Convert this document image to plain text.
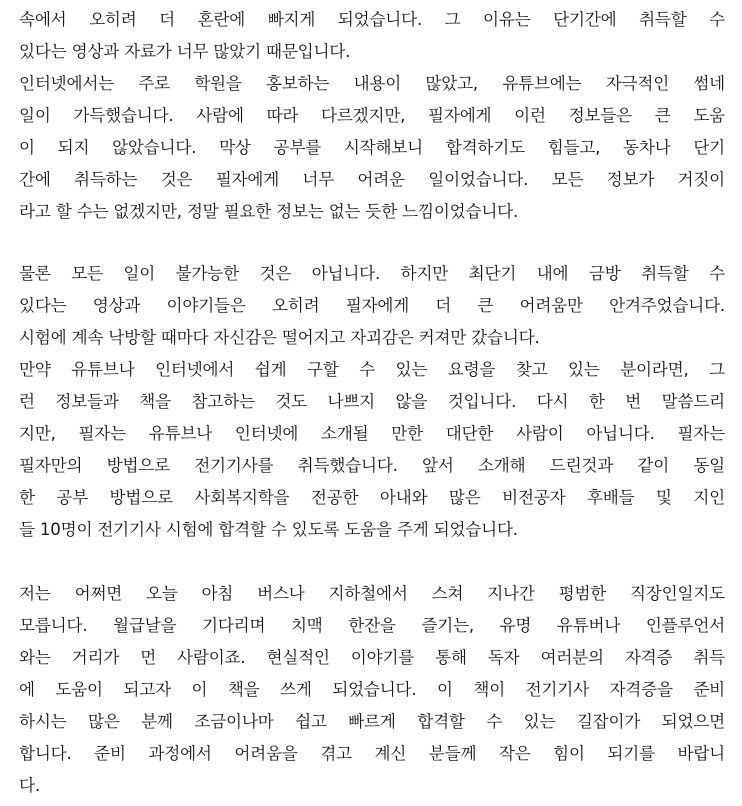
속에서 오히려 더 혼란에 빠지게 되었습니다. 그 이유는 단기간에 취득할 수
있다는 영상과 자료가 너무 많았기 때문입니다.
인터넷에서는 주로 학원을 홍보하는 내용이 많았고, 유튜브에는 자극적인 썸네
일이 가득했습니다. 사람에 따라 다르겠지만, 필자에게 이런 정보들은 큰 도움
이 되지 않았습니다. 막상 공부를 시작해보니 합격하기도 힘들고, 동차나 단기
간에 취득하는 것은 필자에게 너무 어려운 일이었습니다. 모든 정보가 거짓이
라고 할 수는 없겠지만, 정말 필요한 정보는 없는 듯한 느낌이었습니다.
물론 모든 일이 불가능한 것은 아닙니다. 하지만 최단기 내에 금방 취득할 수
있다는 영상과 이야기들은 오히려 필자에게 더 큰 어려움만 안겨주었습니다.
시험에 계속 낙방할 때마다 자신감은 떨어지고 자괴감은 커져만 갔습니다.
만약 유튜브나 인터넷에서 쉽게 구할 수 있는 요령을 찾고 있는 분이라면, 그
런 정보들과 책을 참고하는 것도 나쁘지 않을 것입니다. 다시 한 번 말씀드리
지만, 필자는 유튜브나 인터넷에 소개될 만한 대단한 사람이 아닙니다. 필자는
필자만의 방법으로 전기기사를 취득했습니다. 앞서 소개해 드린것과 같이 동일
한 공부 방법으로 사회복지학을 전공한 아내와 많은 비전공자 후배들 및 지인
들 10명이 전기기사 시험에 합격할 수 있도록 도움을 주게 되었습니다.
저는 어쩌면 오늘 아침 버스나 지하철에서 스쳐 지나간 평범한 직장인일지도
모릅니다. 월급날을 기다리며 치맥 한잔을 즐기는, 유명 유튜버나 인플루언서
와는 거리가 먼 사람이죠. 현실적인 이야기를 통해 독자 여러분의 자격증 취득
에 도움이 되고자 이 책을 쓰게 되었습니다. 이 책이 전기기사 자격증을 준비
하시는 많은 분께 조금이나마 쉽고 빠르게 합격할 수 있는 길잡이가 되었으면
합니다. 준비 과정에서 어려움을 겪고 계신 분들께 작은 힘이 되기를 바랍니
다.
